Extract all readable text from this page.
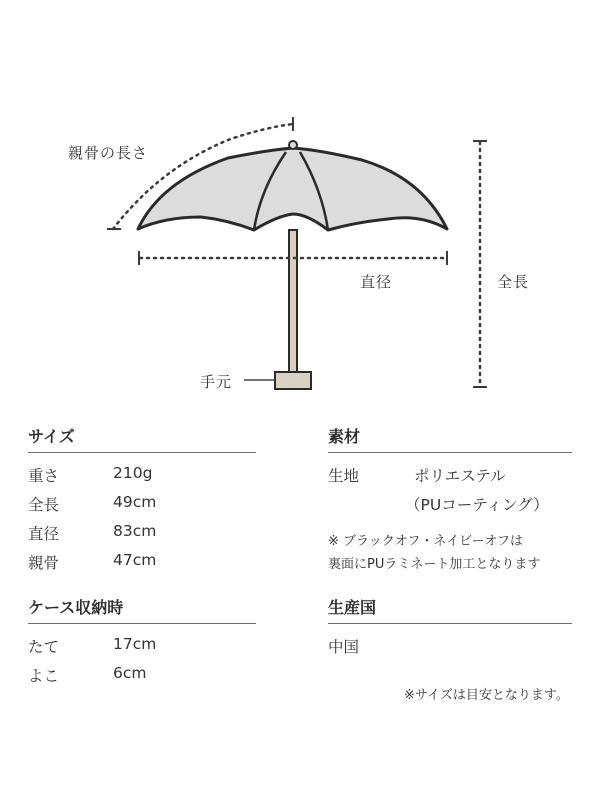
親骨の長さ
直径	全長
手元
サイズ
重さ	210g
全長	49cm
直径	83cm
親骨	47cm
ケース収納時
たて	17cm
よこ	6cm
素材
生地	ポリエステル
（PUコーティング）
※ ブラックオフ・ネイビーオフは
裏面にPUラミネート加工となります
生産国
中国
※サイズは目安となります。
